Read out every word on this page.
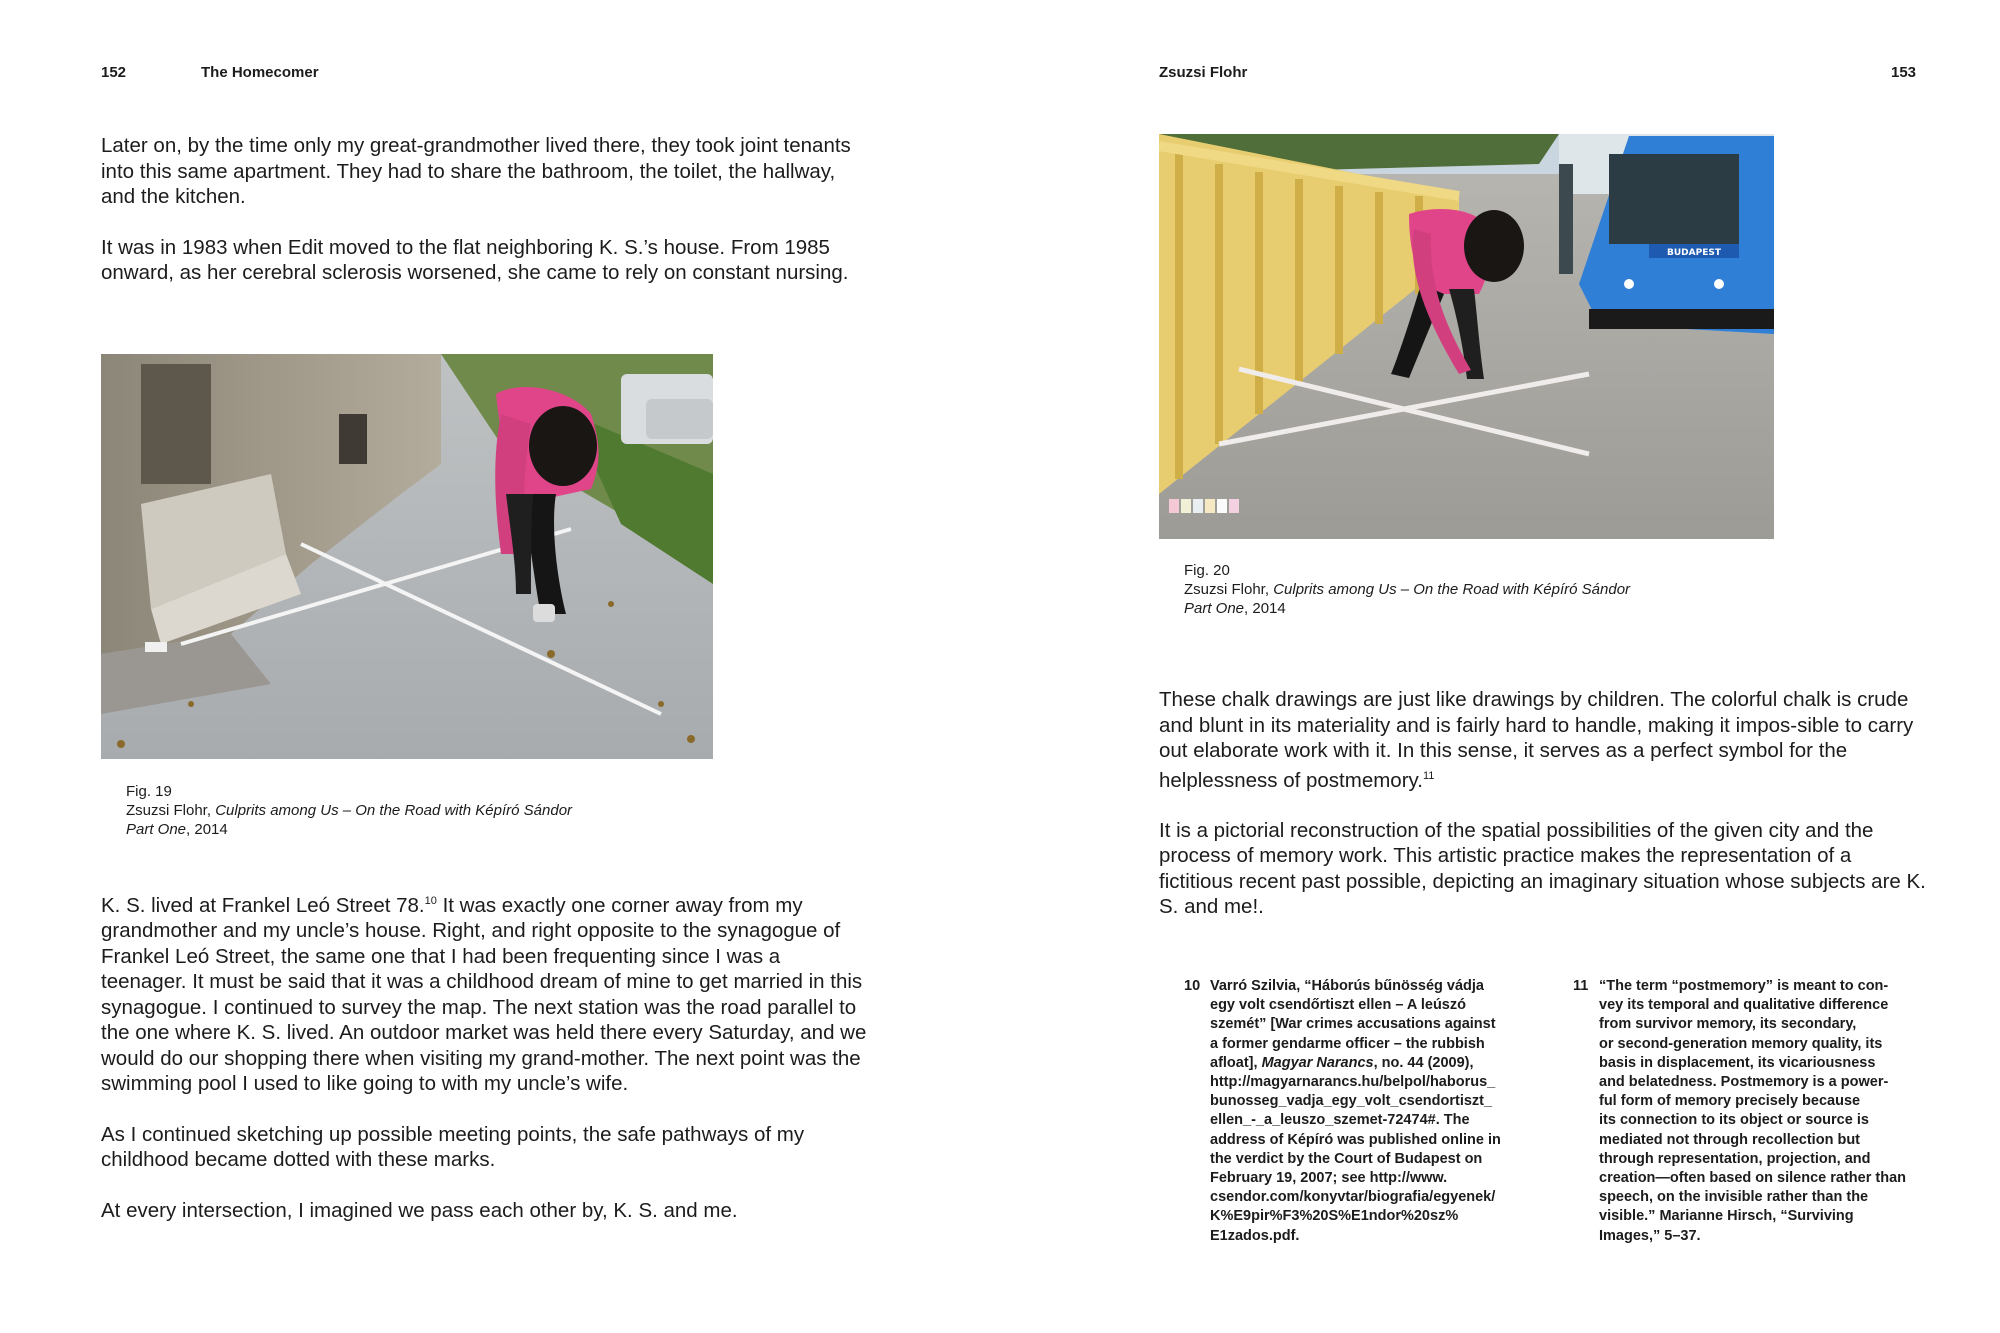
152	The Homecomer

Later on, by the time only my great-grandmother lived there, they took joint tenants into this same apartment. They had to share the bathroom, the toilet, the hallway, and the kitchen.

It was in 1983 when Edit moved to the flat neighboring K. S.’s house. From 1985 onward, as her cerebral sclerosis worsened, she came to rely on constant nursing.

Fig. 19
Zsuzsi Flohr, Culprits among Us – On the Road with Képíró Sándor
Part One, 2014

K. S. lived at Frankel Leó Street 78.10 It was exactly one corner away from my grandmother and my uncle’s house. Right, and right opposite to the synagogue of Frankel Leó Street, the same one that I had been frequenting since I was a teenager. It must be said that it was a childhood dream of mine to get married in this synagogue. I continued to survey the map. The next station was the road parallel to the one where K. S. lived. An outdoor market was held there every Saturday, and we would do our shopping there when visiting my grand-mother. The next point was the swimming pool I used to like going to with my uncle’s wife.

As I continued sketching up possible meeting points, the safe pathways of my childhood became dotted with these marks.

At every intersection, I imagined we pass each other by, K. S. and me.

Zsuzsi Flohr	153
BUDAPEST
Fig. 20
Zsuzsi Flohr, Culprits among Us – On the Road with Képíró Sándor
Part One, 2014

These chalk drawings are just like drawings by children. The colorful chalk is crude and blunt in its materiality and is fairly hard to handle, making it impos-sible to carry out elaborate work with it. In this sense, it serves as a perfect symbol for the helplessness of postmemory.$^{11}$

It is a pictorial reconstruction of the spatial possibilities of the given city and the process of memory work. This artistic practice makes the representation of a fictitious recent past possible, depicting an imaginary situation whose subjects are K. S. and me!.

10 Varró Szilvia, “Háborús bűnösség vádja
egy volt csendőrtiszt ellen – A leúszó
szemét” [War crimes accusations against
a former gendarme officer – the rubbish
afloat], Magyar Narancs, no. 44 (2009),
http://magyarnarancs.hu/belpol/haborus_
bunosseg_vadja_egy_volt_csendortiszt_
ellen_-_a_leuszo_szemet-72474#. The
address of Képíró was published online in
the verdict by the Court of Budapest on
February 19, 2007; see http://www.
csendor.com/konyvtar/biografia/egyenek/
K%E9pir%F3%20S%E1ndor%20sz%
E1zados.pdf.
11 “The term “postmemory” is meant to con-
vey its temporal and qualitative difference
from survivor memory, its secondary,
or second-generation memory quality, its
basis in displacement, its vicariousness
and belatedness. Postmemory is a power-
ful form of memory precisely because
its connection to its object or source is
mediated not through recollection but
through representation, projection, and
creation—often based on silence rather than
speech, on the invisible rather than the
visible.” Marianne Hirsch, “Surviving
Images,” 5–37.
